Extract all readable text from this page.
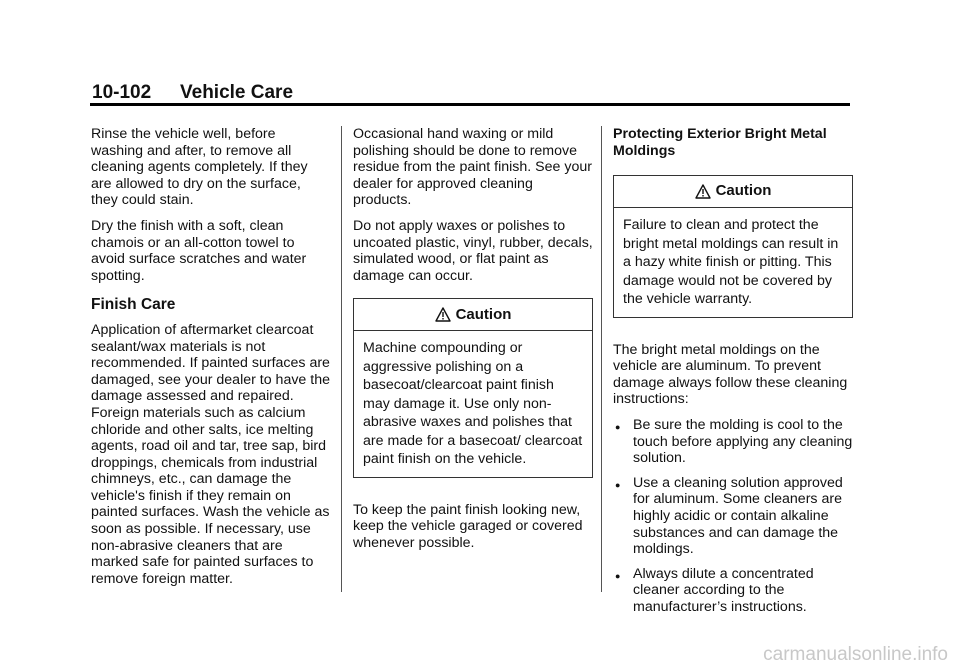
10-102 Vehicle Care

Rinse the vehicle well, before washing and after, to remove all cleaning agents completely. If they are allowed to dry on the surface, they could stain.

Dry the finish with a soft, clean chamois or an all-cotton towel to avoid surface scratches and water spotting.

Finish Care

Application of aftermarket clearcoat sealant/wax materials is not recommended. If painted surfaces are damaged, see your dealer to have the damage assessed and repaired. Foreign materials such as calcium chloride and other salts, ice melting agents, road oil and tar, tree sap, bird droppings, chemicals from industrial chimneys, etc., can damage the vehicle's finish if they remain on painted surfaces. Wash the vehicle as soon as possible. If necessary, use non-abrasive cleaners that are marked safe for painted surfaces to remove foreign matter.

Occasional hand waxing or mild polishing should be done to remove residue from the paint finish. See your dealer for approved cleaning products.

Do not apply waxes or polishes to uncoated plastic, vinyl, rubber, decals, simulated wood, or flat paint as damage can occur.

Caution
Machine compounding or aggressive polishing on a basecoat/clearcoat paint finish may damage it. Use only non-abrasive waxes and polishes that are made for a basecoat/ clearcoat paint finish on the vehicle.

To keep the paint finish looking new, keep the vehicle garaged or covered whenever possible.

Protecting Exterior Bright Metal Moldings

Caution
Failure to clean and protect the bright metal moldings can result in a hazy white finish or pitting. This damage would not be covered by the vehicle warranty.

The bright metal moldings on the vehicle are aluminum. To prevent damage always follow these cleaning instructions:

● Be sure the molding is cool to the touch before applying any cleaning solution.
● Use a cleaning solution approved for aluminum. Some cleaners are highly acidic or contain alkaline substances and can damage the moldings.
● Always dilute a concentrated cleaner according to the manufacturer’s instructions.
carmanualsonline.info
